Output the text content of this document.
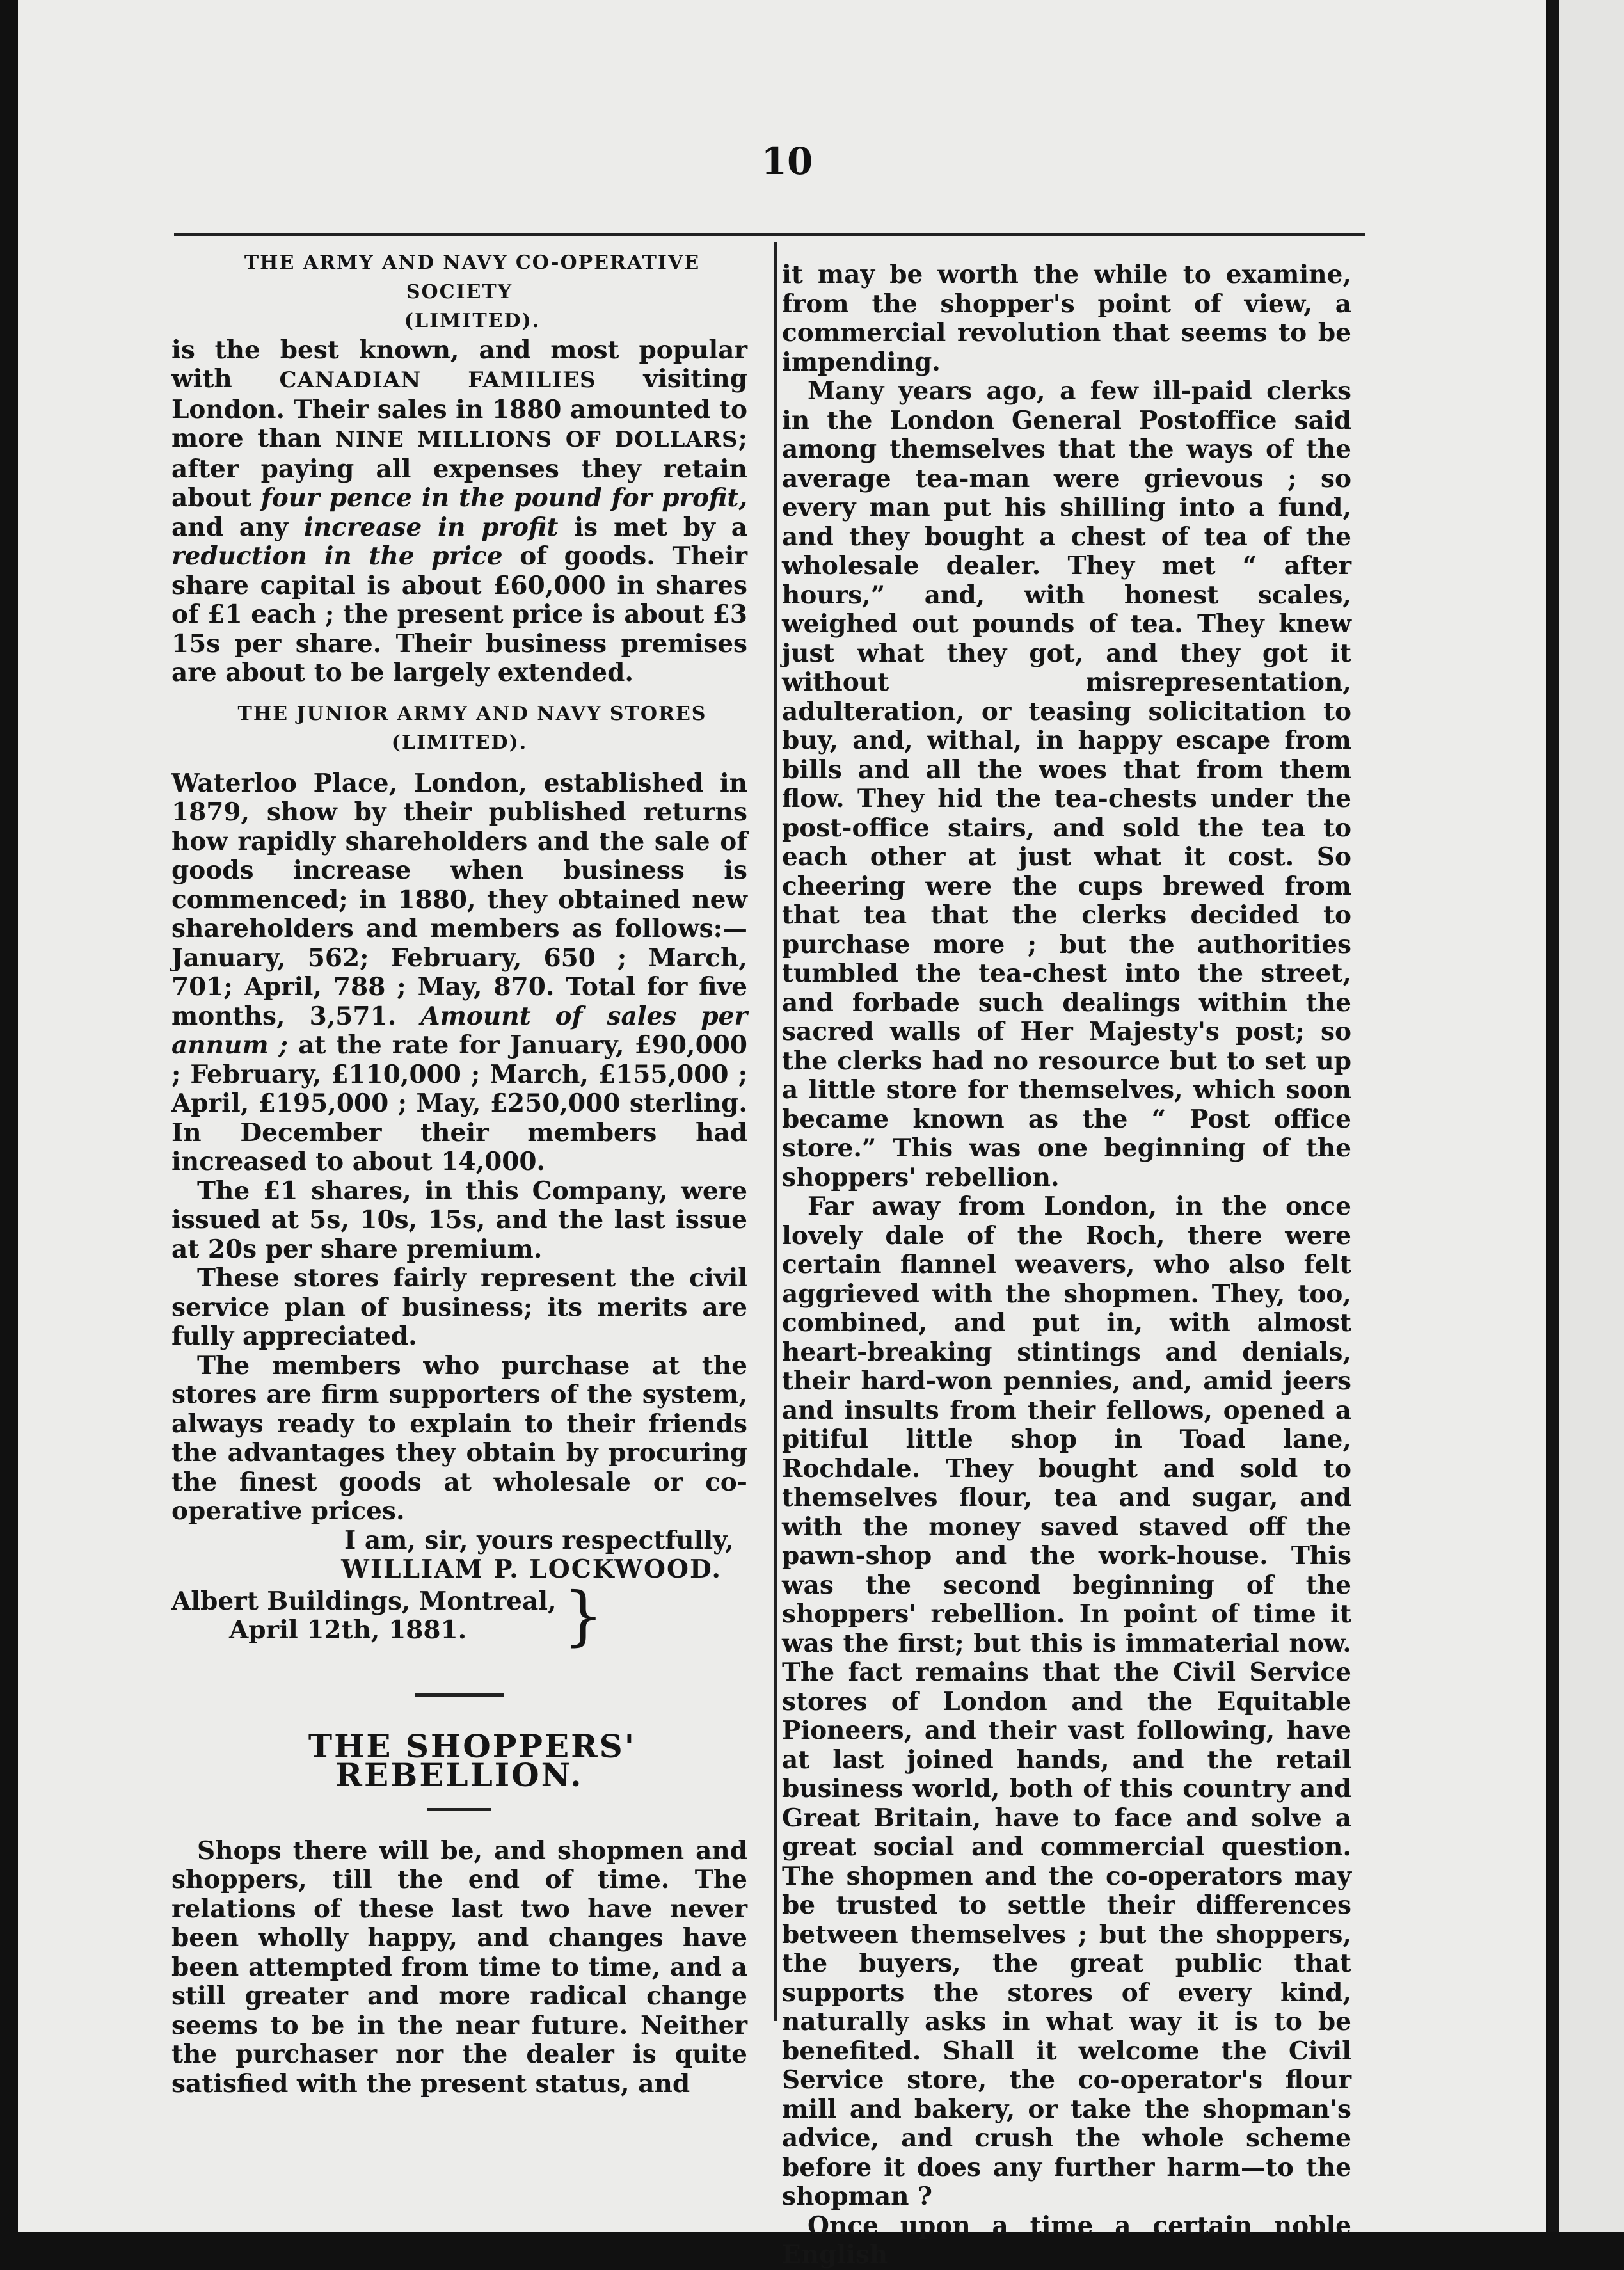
10

THE ARMY AND NAVY CO-OPERATIVE SOCIETY

(LIMITED).

is the best known, and most popular with CANADIAN FAMILIES visiting London. Their sales in 1880 amounted to more than NINE MILLIONS OF DOLLARS; after paying all expenses they retain about four pence in the pound for profit, and any increase in profit is met by a reduction in the price of goods. Their share capital is about £60,000 in shares of £1 each ; the present price is about £3 15s per share. Their business premises are about to be largely extended.

THE JUNIOR ARMY AND NAVY STORES (LIMITED).

Waterloo Place, London, established in 1879, show by their published returns how rapidly shareholders and the sale of goods increase when business is commenced; in 1880, they obtained new shareholders and members as follows:—January, 562; February, 650 ; March, 701; April, 788 ; May, 870. Total for five months, 3,571. Amount of sales per annum ; at the rate for January, £90,000 ; February, £110,000 ; March, £155,000 ; April, £195,000 ; May, £250,000 sterling. In December their members had increased to about 14,000.

The £1 shares, in this Company, were issued at 5s, 10s, 15s, and the last issue at 20s per share premium.

These stores fairly represent the civil service plan of business; its merits are fully appreciated.

The members who purchase at the stores are firm supporters of the system, always ready to explain to their friends the advantages they obtain by procuring the finest goods at wholesale or co-operative prices.

I am, sir, yours respectfully,

WILLIAM P. LOCKWOOD.

Albert Buildings, Montreal,
April 12th, 1881.	}

THE SHOPPERS' REBELLION.

Shops there will be, and shopmen and shoppers, till the end of time. The relations of these last two have never been wholly happy, and changes have been attempted from time to time, and a still greater and more radical change seems to be in the near future. Neither the purchaser nor the dealer is quite satisfied with the present status, and

it may be worth the while to examine, from the shopper's point of view, a commercial revolution that seems to be impending.

Many years ago, a few ill-paid clerks in the London General Postoffice said among themselves that the ways of the average tea-man were grievous ; so every man put his shilling into a fund, and they bought a chest of tea of the wholesale dealer. They met “ after hours,” and, with honest scales, weighed out pounds of tea. They knew just what they got, and they got it without misrepresentation, adulteration, or teasing solicitation to buy, and, withal, in happy escape from bills and all the woes that from them flow. They hid the tea-chests under the post-office stairs, and sold the tea to each other at just what it cost. So cheering were the cups brewed from that tea that the clerks decided to purchase more ; but the authorities tumbled the tea-chest into the street, and forbade such dealings within the sacred walls of Her Majesty's post; so the clerks had no resource but to set up a little store for themselves, which soon became known as the “ Post office store.” This was one beginning of the shoppers' rebellion.

Far away from London, in the once lovely dale of the Roch, there were certain flannel weavers, who also felt aggrieved with the shopmen. They, too, combined, and put in, with almost heart-breaking stintings and denials, their hard-won pennies, and, amid jeers and insults from their fellows, opened a pitiful little shop in Toad lane, Rochdale. They bought and sold to themselves flour, tea and sugar, and with the money saved staved off the pawn-shop and the work-house. This was the second beginning of the shoppers' rebellion. In point of time it was the first; but this is immaterial now. The fact remains that the Civil Service stores of London and the Equitable Pioneers, and their vast following, have at last joined hands, and the retail business world, both of this country and Great Britain, have to face and solve a great social and commercial question. The shopmen and the co-operators may be trusted to settle their differences between themselves ; but the shoppers, the buyers, the great public that supports the stores of every kind, naturally asks in what way it is to be benefited. Shall it welcome the Civil Service store, the co-operator's flour mill and bakery, or take the shopman's advice, and crush the whole scheme before it does any further harm—to the shopman ?

Once upon a time a certain noble English
